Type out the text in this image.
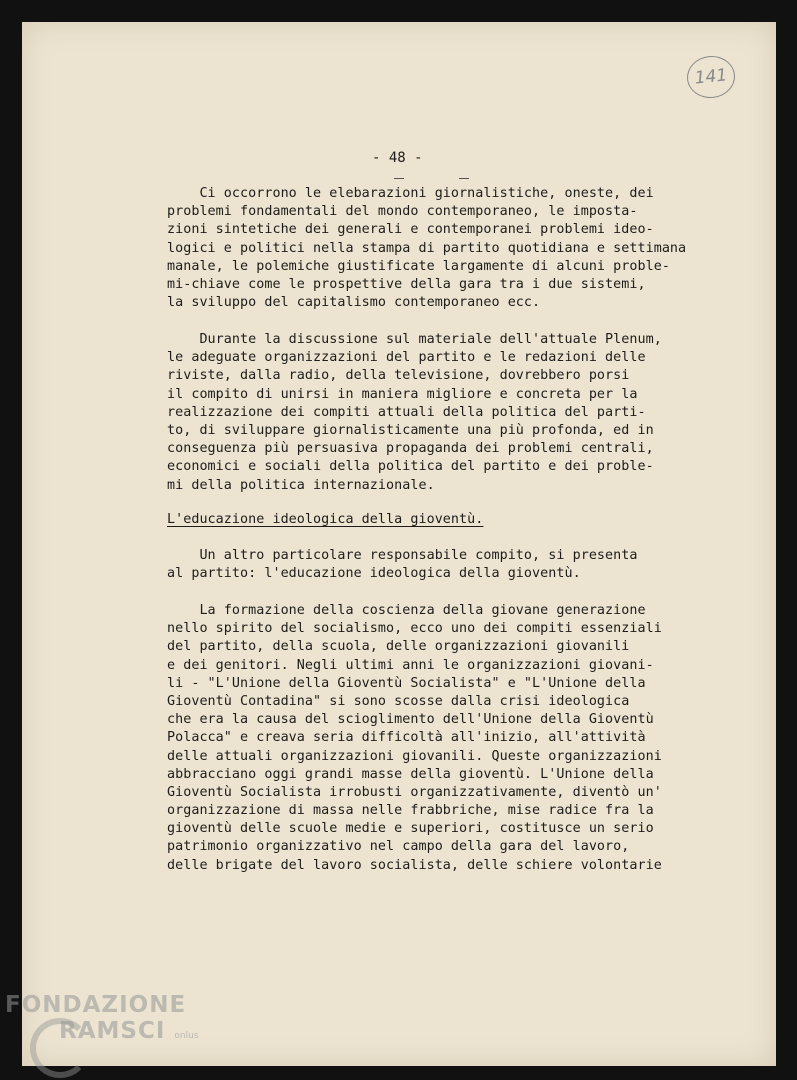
141
- 48 -
Ci occorrono le elebarazioni giornalistiche, oneste, dei
problemi fondamentali del mondo contemporaneo, le imposta-
zioni sintetiche dei generali e contemporanei problemi ideo-
logici e politici nella stampa di partito quotidiana e settimana
manale, le polemiche giustificate largamente di alcuni proble-
mi-chiave come le prospettive della gara tra i due sistemi,
la sviluppo del capitalismo contemporaneo ecc.
Durante la discussione sul materiale dell'attuale Plenum,
le adeguate organizzazioni del partito e le redazioni delle
riviste, dalla radio, della televisione, dovrebbero porsi
il compito di unirsi in maniera migliore e concreta per la
realizzazione dei compiti attuali della politica del parti-
to, di sviluppare giornalisticamente una più profonda, ed in
conseguenza più persuasiva propaganda dei problemi centrali,
economici e sociali della politica del partito e dei proble-
mi della politica internazionale.
L'educazione ideologica della gioventù.
Un altro particolare responsabile compito, si presenta
al partito: l'educazione ideologica della gioventù.
La formazione della coscienza della giovane generazione
nello spirito del socialismo, ecco uno dei compiti essenziali
del partito, della scuola, delle organizzazioni giovanili
e dei genitori. Negli ultimi anni le organizzazioni giovani-
li - "L'Unione della Gioventù Socialista" e "L'Unione della
Gioventù Contadina" si sono scosse dalla crisi ideologica
che era la causa del scioglimento dell'Unione della Gioventù
Polacca" e creava seria difficoltà all'inizio, all'attività
delle attuali organizzazioni giovanili. Queste organizzazioni
abbracciano oggi grandi masse della gioventù. L'Unione della
Gioventù Socialista irrobusti organizzativamente, diventò un'
organizzazione di massa nelle frabbriche, mise radice fra la
gioventù delle scuole medie e superiori, costitusce un serio
patrimonio organizzativo nel campo della gara del lavoro,
delle brigate del lavoro socialista, delle schiere volontarie
FONDAZIONE
RAMSCI onlus
